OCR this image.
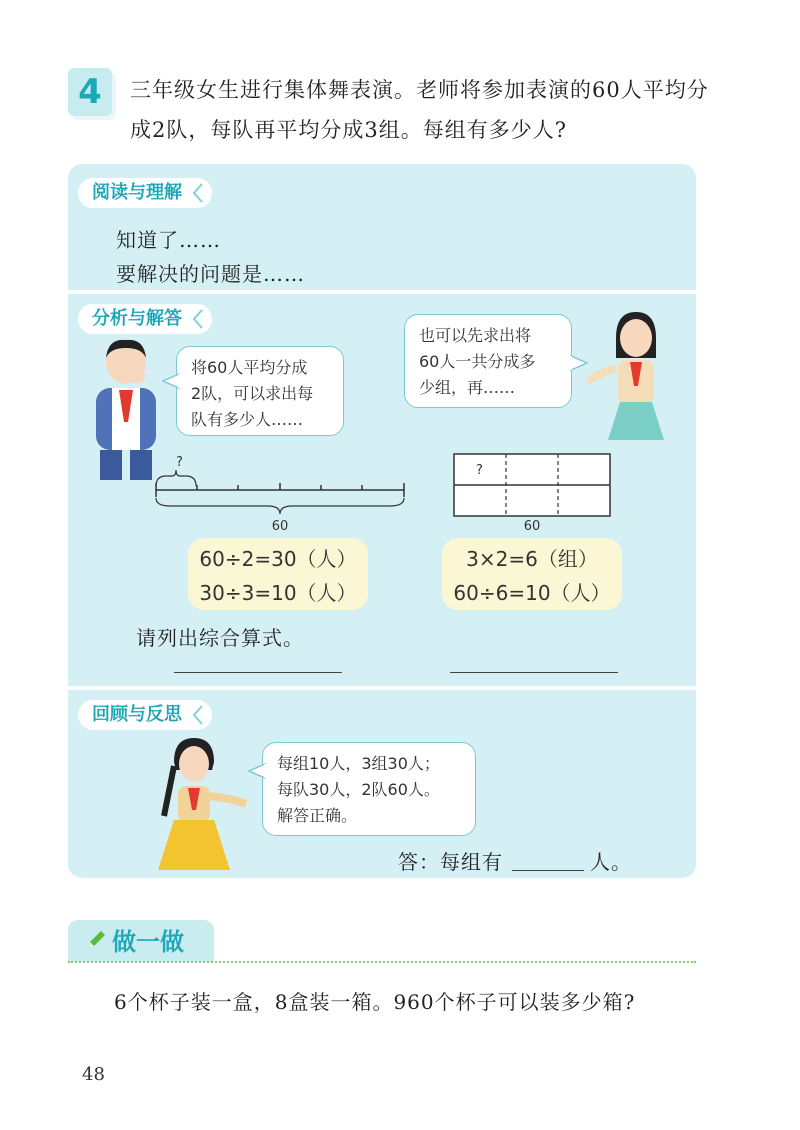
4	三年级女生进行集体舞表演。老师将参加表演的60人平均分
成2队，每队再平均分成3组。每组有多少人?
阅读与理解
知道了……
要解决的问题是……
分析与解答
将60人平均分成
2队，可以求出每
队有多少人……
也可以先求出将
60人一共分成多
少组，再……
?
60
?
60
60÷2=30（人）
30÷3=10（人）
3×2=6（组）
60÷6=10（人）
请列出综合算式。
回顾与反思
每组10人，3组30人；
每队30人，2队60人。
解答正确。
答：每组有	人。
做一做
6个杯子装一盒，8盒装一箱。960个杯子可以装多少箱?
48
